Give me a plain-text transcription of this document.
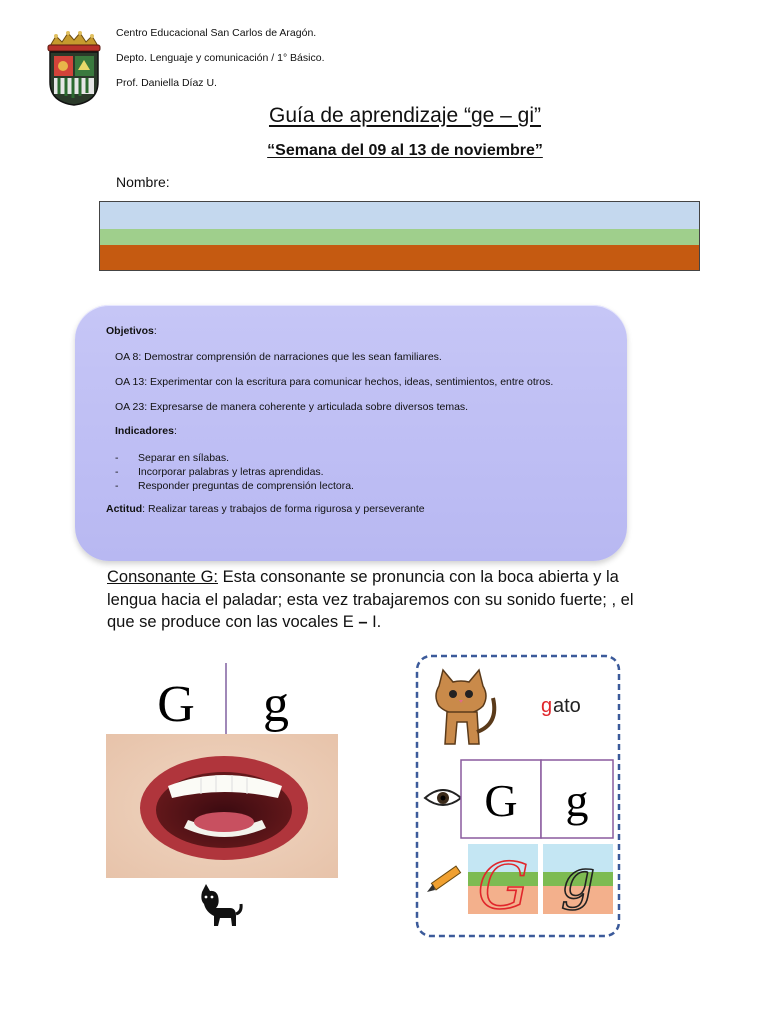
Centro Educacional San Carlos de Aragón.
Depto. Lenguaje y comunicación / 1° Básico.
Prof. Daniella Díaz U.
Guía de aprendizaje “ge – gi”
“Semana del 09 al 13 de noviembre”
Nombre:
Objetivos:
OA 8: Demostrar comprensión de narraciones que les sean familiares.
OA 13: Experimentar con la escritura para comunicar hechos, ideas, sentimientos, entre otros.
OA 23: Expresarse de manera coherente y articulada sobre diversos temas.
Indicadores:
- Separar en sílabas.
- Incorporar palabras y letras aprendidas.
- Responder preguntas de comprensión lectora.
Actitud: Realizar tareas y trabajos de forma rigurosa y perseverante
Consonante G: Esta consonante se pronuncia con la boca abierta y la
lengua hacia el paladar; esta vez trabajaremos con su sonido fuerte; , el
que se produce con las vocales E – I.
G g	g ato
G g
G g
